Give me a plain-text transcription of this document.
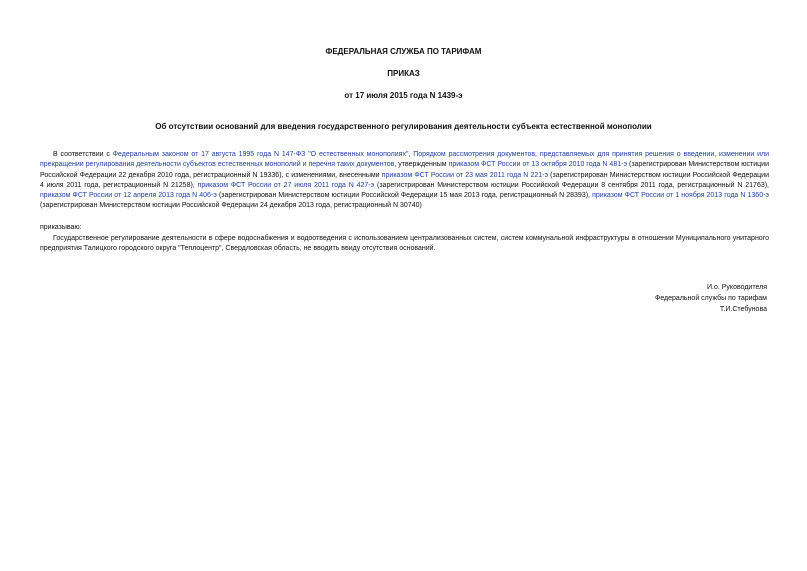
ФЕДЕРАЛЬНАЯ СЛУЖБА ПО ТАРИФАМ
ПРИКАЗ
от 17 июля 2015 года N 1439-э
Об отсутствии оснований для введения государственного регулирования деятельности субъекта естественной монополии
В соответствии с Федеральным законом от 17 августа 1995 года N 147-ФЗ "О естественных монополиях", Порядком рассмотрения документов, представляемых для принятия решения о введении, изменении или прекращении регулирования деятельности субъектов естественных монополий и перечня таких документов, утвержденным приказом ФСТ России от 13 октября 2010 года N 481-э (зарегистрирован Министерством юстиции Российской Федерации 22 декабря 2010 года, регистрационный N 19336), с изменениями, внесенными приказом ФСТ России от 23 мая 2011 года N 221-э (зарегистрирован Министерством юстиции Российской Федерации 4 июля 2011 года, регистрационный N 21258), приказом ФСТ России от 27 июля 2011 года N 427-э (зарегистрирован Министерством юстиции Российской Федерации 8 сентября 2011 года, регистрационный N 21763), приказом ФСТ России от 12 апреля 2013 года N 406-э (зарегистрирован Министерством юстиции Российской Федерации 15 мая 2013 года, регистрационный N 28393), приказом ФСТ России от 1 ноября 2013 года N 1360-э (зарегистрирован Министерством юстиции Российской Федерации 24 декабря 2013 года, регистрационный N 30740)
приказываю:
Государственное регулирование деятельности в сфере водоснабжения и водоотведения с использованием централизованных систем, систем коммунальной инфраструктуры в отношении Муниципального унитарного предприятия Талицкого городского округа "Теплоцентр", Свердловская область, не вводить ввиду отсутствия оснований.
И.о. Руководителя
Федеральной службы по тарифам
Т.И.Стебунова
